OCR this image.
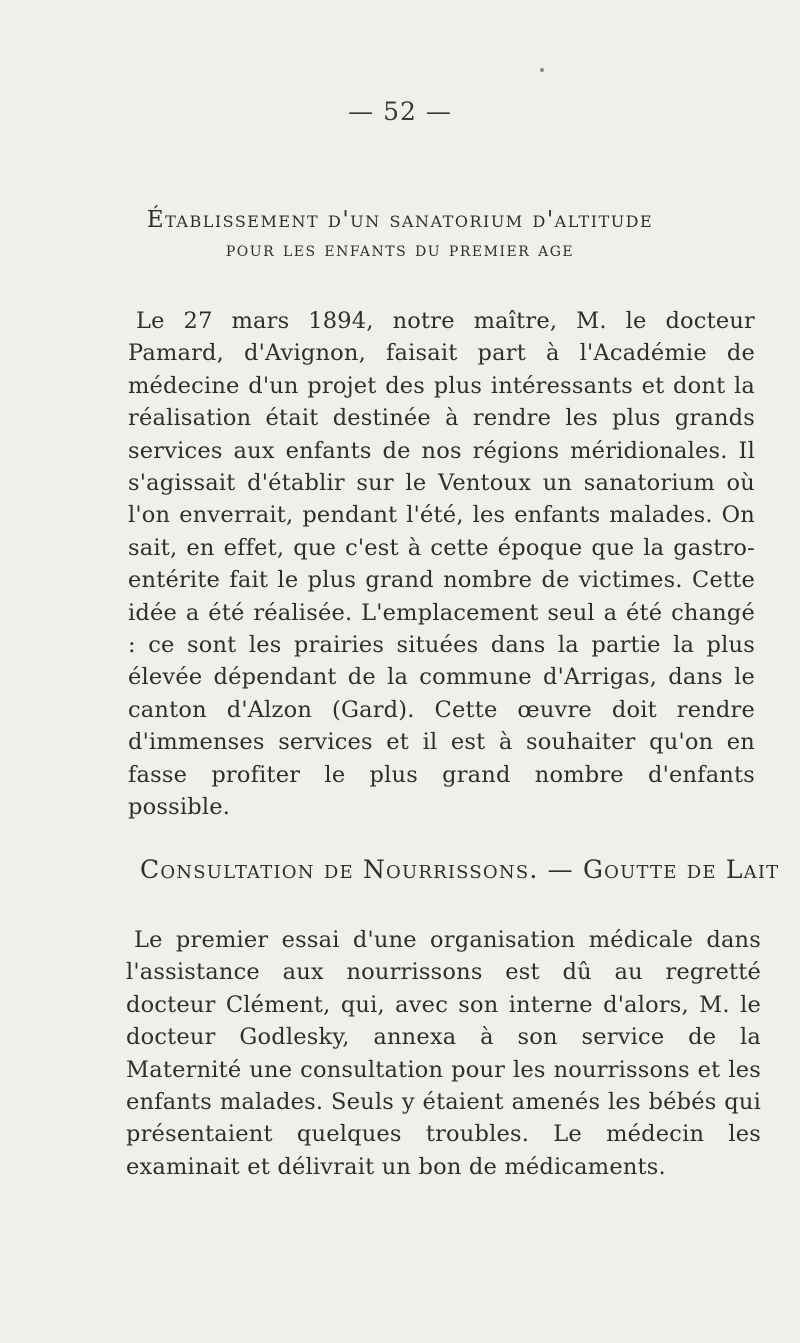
— 52 —
Établissement d'un sanatorium d'altitude
pour les enfants du premier age

Le 27 mars 1894, notre maître, M. le docteur Pamard, d'Avignon, faisait part à l'Académie de médecine d'un projet des plus intéressants et dont la réalisation était destinée à rendre les plus grands services aux enfants de nos régions méridionales. Il s'agissait d'établir sur le Ventoux un sanatorium où l'on enverrait, pendant l'été, les enfants malades. On sait, en effet, que c'est à cette époque que la gastro-entérite fait le plus grand nombre de victimes. Cette idée a été réalisée. L'emplacement seul a été changé : ce sont les prairies situées dans la partie la plus élevée dépendant de la commune d'Arrigas, dans le canton d'Alzon (Gard). Cette œuvre doit rendre d'immenses services et il est à souhaiter qu'on en fasse profiter le plus grand nombre d'enfants possible.

Consultation de Nourrissons. — Goutte de Lait

Le premier essai d'une organisation médicale dans l'assistance aux nourrissons est dû au regretté docteur Clément, qui, avec son interne d'alors, M. le docteur Godlesky, annexa à son service de la Maternité une consultation pour les nourrissons et les enfants malades. Seuls y étaient amenés les bébés qui présentaient quelques troubles. Le médecin les examinait et délivrait un bon de médicaments.
